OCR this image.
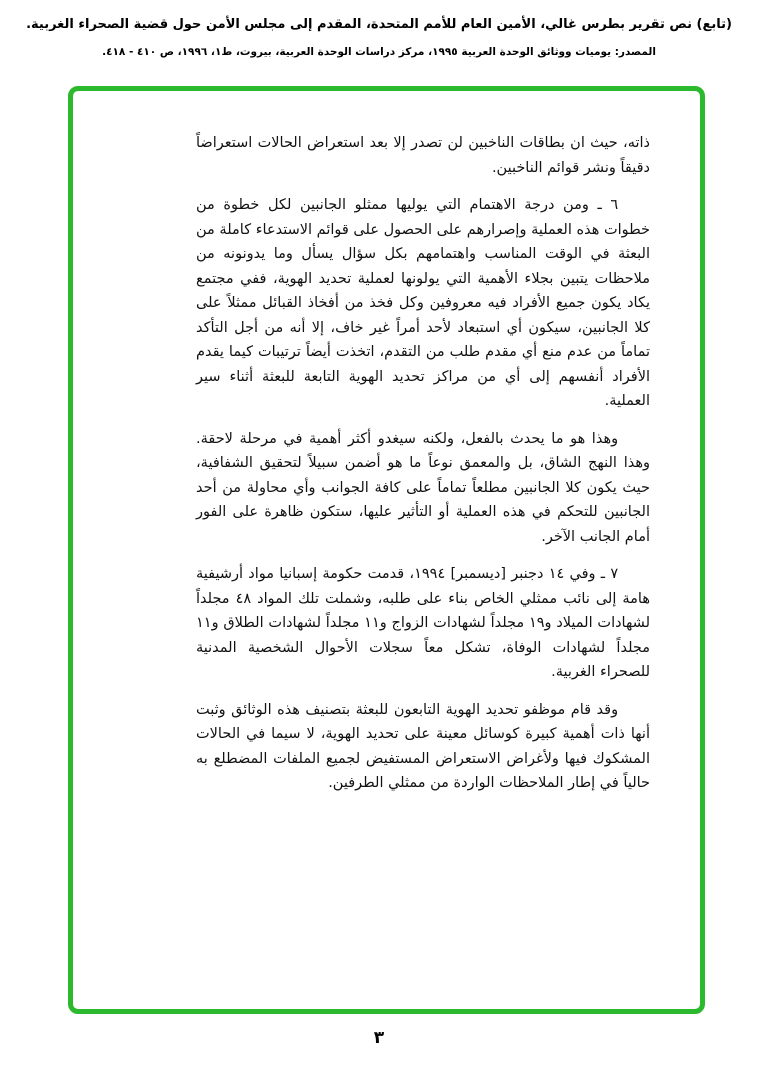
(تابع) نص تقرير بطرس غالي، الأمين العام للأمم المتحدة، المقدم إلى مجلس الأمن حول قضية الصحراء الغربية.
المصدر: يوميات ووثائق الوحدة العربية ١٩٩٥، مركز دراسات الوحدة العربية، بيروت، ط١، ١٩٩٦، ص ٤١٠ - ٤١٨.

ذاته، حيث ان بطاقات الناخبين لن تصدر إلا بعد استعراض الحالات استعراضاً دقيقاً ونشر قوائم الناخبين.

٦ ـ ومن درجة الاهتمام التي يوليها ممثلو الجانبين لكل خطوة من خطوات هذه العملية وإصرارهم على الحصول على قوائم الاستدعاء كاملة من البعثة في الوقت المناسب واهتمامهم بكل سؤال يسأل وما يدونونه من ملاحظات يتبين بجلاء الأهمية التي يولونها لعملية تحديد الهوية، ففي مجتمع يكاد يكون جميع الأفراد فيه معروفين وكل فخذ من أفخاذ القبائل ممثلاً على كلا الجانبين، سيكون أي استبعاد لأحد أمراً غير خاف، إلا أنه من أجل التأكد تماماً من عدم منع أي مقدم طلب من التقدم، اتخذت أيضاً ترتيبات كيما يقدم الأفراد أنفسهم إلى أي من مراكز تحديد الهوية التابعة للبعثة أثناء سير العملية.

وهذا هو ما يحدث بالفعل، ولكنه سيغدو أكثر أهمية في مرحلة لاحقة. وهذا النهج الشاق، بل والمعمق نوعاً ما هو أضمن سبيلاً لتحقيق الشفافية، حيث يكون كلا الجانبين مطلعاً تماماً على كافة الجوانب وأي محاولة من أحد الجانبين للتحكم في هذه العملية أو التأثير عليها، ستكون ظاهرة على الفور أمام الجانب الآخر.

٧ ـ وفي ١٤ دجنبر [ديسمبر] ١٩٩٤، قدمت حكومة إسبانيا مواد أرشيفية هامة إلى نائب ممثلي الخاص بناء على طلبه، وشملت تلك المواد ٤٨ مجلداً لشهادات الميلاد و١٩ مجلداً لشهادات الزواج و١١ مجلداً لشهادات الطلاق و١١ مجلداً لشهادات الوفاة، تشكل معاً سجلات الأحوال الشخصية المدنية للصحراء الغربية.

وقد قام موظفو تحديد الهوية التابعون للبعثة بتصنيف هذه الوثائق وثبت أنها ذات أهمية كبيرة كوسائل معينة على تحديد الهوية، لا سيما في الحالات المشكوك فيها ولأغراض الاستعراض المستفيض لجميع الملفات المضطلع به حالياً في إطار الملاحظات الواردة من ممثلي الطرفين.

٣
